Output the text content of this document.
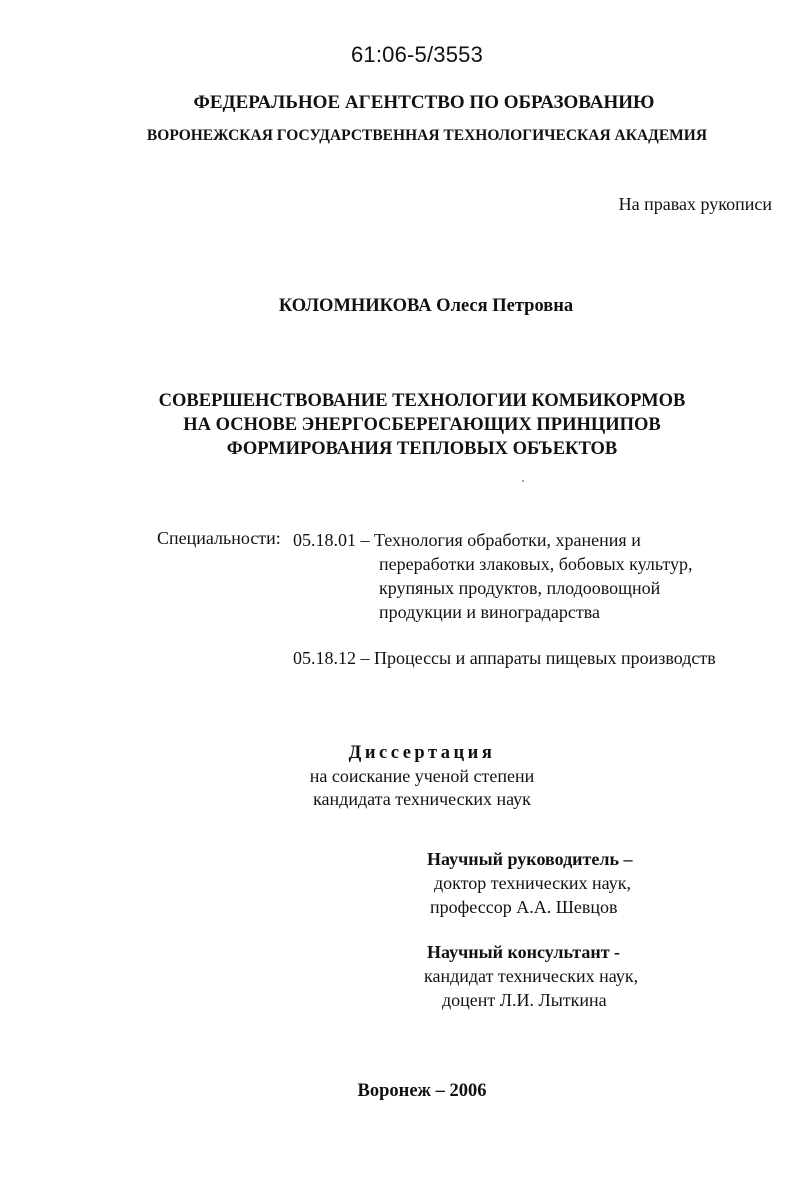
61:06-5/3553
ФЕДЕРАЛЬНОЕ АГЕНТСТВО ПО ОБРАЗОВАНИЮ
ВОРОНЕЖСКАЯ ГОСУДАРСТВЕННАЯ ТЕХНОЛОГИЧЕСКАЯ АКАДЕМИЯ
На правах рукописи
КОЛОМНИКОВА Олеся Петровна
СОВЕРШЕНСТВОВАНИЕ ТЕХНОЛОГИИ КОМБИКОРМОВ
НА ОСНОВЕ ЭНЕРГОСБЕРЕГАЮЩИХ ПРИНЦИПОВ
ФОРМИРОВАНИЯ ТЕПЛОВЫХ ОБЪЕКТОВ
Специальности: 05.18.01 – Технология обработки, хранения и
переработки злаковых, бобовых культур,
крупяных продуктов, плодоовощной
продукции и виноградарства
05.18.12 – Процессы и аппараты пищевых производств
Диссертация
на соискание ученой степени
кандидата технических наук
Научный руководитель –
доктор технических наук,
профессор А.А. Шевцов
Научный консультант -
кандидат технических наук,
доцент Л.И. Лыткина
Воронеж – 2006
